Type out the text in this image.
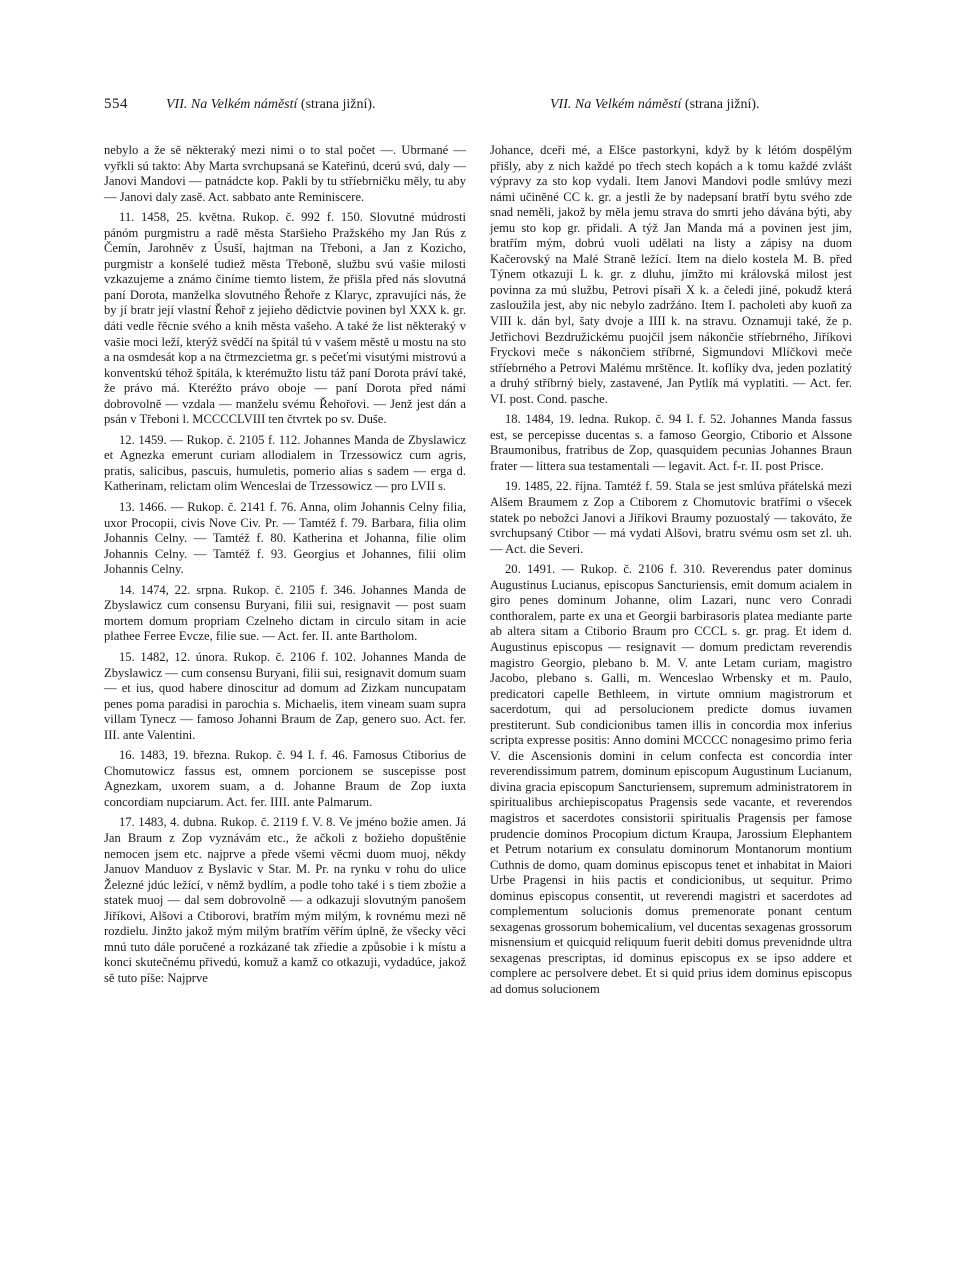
554	VII. Na Velkém náměstí (strana jižní).	VII. Na Velkém náměstí (strana jižní).

nebylo a že sě některaký mezi nimi o to stal počet —. Ubrmané — vyřkli sú takto: Aby Marta svrchupsaná se Kateřinú, dcerú svú, daly — Janovi Mandovi — patnádcte kop. Pakli by tu stříebrničku měly, tu aby — Janovi daly zasě. Act. sabbato ante Reminiscere.

11. 1458, 25. května. Rukop. č. 992 f. 150. Slovutné múdrosti pánóm purgmistru a radě města Staršieho Pražského my Jan Rús z Čemín, Jarohněv z Úsuší, hajtman na Třeboni, a Jan z Kozicho, purgmistr a konšelé tudiež města Třeboně, službu svú vašie milosti vzkazujeme a známo činíme tiemto listem, že přišla před nás slovutná paní Dorota, manželka slovutného Řehoře z Klaryc, zpravujíci nás, že by jí bratr její vlastní Řehoř z jejieho dědictvie povinen byl XXX k. gr. dáti vedle řěcnie svého a knih města vašeho. A také že list některaký v vašie moci leží, kterýž svědčí na špitál tú v vašem městě u mostu na sto a na osmdesát kop a na čtrmezcietma gr. s pečeťmi visutými mistrovú a konventskú téhož špitála, k kterémužto listu táž paní Dorota práví také, že právo má. Kteréžto právo oboje — paní Dorota před námi dobrovolně — vzdala — manželu svému Řehořovi. — Jenž jest dán a psán v Třeboni l. MCCCCLVIII ten čtvrtek po sv. Duše.

12. 1459. — Rukop. č. 2105 f. 112. Johannes Manda de Zbyslawicz et Agnezka emerunt curiam allodialem in Trzessowicz cum agris, pratis, salicibus, pascuis, humuletis, pomerio alias s sadem — erga d. Katherinam, relictam olim Wenceslai de Trzessowicz — pro LVII s.

13. 1466. — Rukop. č. 2141 f. 76. Anna, olim Johannis Celny filia, uxor Procopii, civis Nove Civ. Pr. — Tamtéž f. 79. Barbara, filia olim Johannis Celny. — Tamtéž f. 80. Katherina et Johanna, filie olim Johannis Celny. — Tamtéž f. 93. Georgius et Johannes, filii olim Johannis Celny.

14. 1474, 22. srpna. Rukop. č. 2105 f. 346. Johannes Manda de Zbyslawicz cum consensu Buryani, filii sui, resignavit — post suam mortem domum propriam Czelneho dictam in circulo sitam in acie plathee Ferree Evcze, filie sue. — Act. fer. II. ante Bartholom.

15. 1482, 12. února. Rukop. č. 2106 f. 102. Johannes Manda de Zbyslawicz — cum consensu Buryani, filii sui, resignavit domum suam — et ius, quod habere dinoscitur ad domum ad Zizkam nuncupatam penes poma paradisi in parochia s. Michaelis, item vineam suam supra villam Tynecz — famoso Johanni Braum de Zap, genero suo. Act. fer. III. ante Valentini.

16. 1483, 19. března. Rukop. č. 94 I. f. 46. Famosus Ctiborius de Chomutowicz fassus est, omnem porcionem se suscepisse post Agnezkam, uxorem suam, a d. Johanne Braum de Zop iuxta concordiam nupciarum. Act. fer. IIII. ante Palmarum.

17. 1483, 4. dubna. Rukop. č. 2119 f. V. 8. Ve jméno božie amen. Já Jan Braum z Zop vyznávám etc., že ačkoli z božieho dopuštěnie nemocen jsem etc. najprve a přede všemi věcmi duom muoj, někdy Januov Manduov z Byslavic v Star. M. Pr. na rynku v rohu do ulice Železné jdúc ležící, v němž bydlím, a podle toho také i s tiem zbožie a statek muoj — dal sem dobrovolně — a odkazuji slovutným panošem Jiříkovi, Alšovi a Ctiborovi, bratřím mým milým, k rovnému mezi ně rozdielu. Jinžto jakož mým milým bratřím věřím úplně, že všecky věci mnú tuto dále poručené a rozkázané tak zřiedie a způsobie i k místu a konci skutečnému přivedú, komuž a kamž co otkazuji, vydadúce, jakož sě tuto píše: Najprve

Johance, dceři mé, a Elšce pastorkyni, když by k létóm dospělým přišly, aby z nich každé po třech stech kopách a k tomu každé zvlášt výpravy za sto kop vydali. Item Janovi Mandovi podle smlúvy mezi námi učiněné CC k. gr. a jestli že by nadepsaní bratří bytu svého zde snad neměli, jakož by měla jemu strava do smrti jeho dávána býti, aby jemu sto kop gr. přidali. A týž Jan Manda má a povinen jest jim, bratřím mým, dobrú vuoli udělati na listy a zápisy na duom Kačerovský na Malé Straně ležící. Item na dielo kostela M. B. před Týnem otkazuji L k. gr. z dluhu, jímžto mi královská milost jest povinna za mú službu, Petrovi písaři X k. a čeledi jiné, pokudž která zasloužila jest, aby nic nebylo zadržáno. Item I. pacholeti aby kuoň za VIII k. dán byl, šaty dvoje a IIII k. na stravu. Oznamuji také, že p. Jetřichovi Bezdružickému puojčil jsem nákončie stříebrného, Jiříkovi Fryckovi meče s nákončiem stříbrné, Sigmundovi Mlíčkovi meče stříebrného a Petrovi Malému mrštěnce. It. koflíky dva, jeden pozlatitý a druhý stříbrný biely, zastavené, Jan Pytlík má vyplatiti. — Act. fer. VI. post. Cond. pasche.

18. 1484, 19. ledna. Rukop. č. 94 I. f. 52. Johannes Manda fassus est, se percepisse ducentas s. a famoso Georgio, Ctiborio et Alssone Braumonibus, fratribus de Zop, quasquidem pecunias Johannes Braun frater — littera sua testamentali — legavit. Act. f-r. II. post Prisce.

19. 1485, 22. října. Tamtéž f. 59. Stala se jest smlúva přátelská mezi Alšem Braumem z Zop a Ctiborem z Chomutovic bratřími o všecek statek po nebožci Janovi a Jiříkovi Braumy pozuostalý — takováto, že svrchupsaný Ctibor — má vydati Alšovi, bratru svému osm set zl. uh. — Act. die Severi.

20. 1491. — Rukop. č. 2106 f. 310. Reverendus pater dominus Augustinus Lucianus, episcopus Sancturiensis, emit domum acialem in giro penes dominum Johanne, olim Lazari, nunc vero Conradi conthoralem, parte ex una et Georgii barbirasoris platea mediante parte ab altera sitam a Ctiborio Braum pro CCCL s. gr. prag. Et idem d. Augustinus episcopus — resignavit — domum predictam reverendis magistro Georgio, plebano b. M. V. ante Letam curiam, magistro Jacobo, plebano s. Galli, m. Wenceslao Wrbensky et m. Paulo, predicatori capelle Bethleem, in virtute omnium magistrorum et sacerdotum, qui ad persolucionem predicte domus iuvamen prestiterunt. Sub condicionibus tamen illis in concordia mox inferius scripta expresse positis: Anno domini MCCCC nonagesimo primo feria V. die Ascensionis domini in celum confecta est concordia inter reverendissimum patrem, dominum episcopum Augustinum Lucianum, divina gracia episcopum Sancturiensem, supremum administratorem in spiritualibus archiepiscopatus Pragensis sede vacante, et reverendos magistros et sacerdotes consistorii spiritualis Pragensis per famose prudencie dominos Procopium dictum Kraupa, Jarossium Elephantem et Petrum notarium ex consulatu dominorum Montanorum montium Cuthnis de domo, quam dominus episcopus tenet et inhabitat in Maiori Urbe Pragensi in hiis pactis et condicionibus, ut sequitur. Primo dominus episcopus consentit, ut reverendi magistri et sacerdotes ad complementum solucionis domus premenorate ponant centum sexagenas grossorum bohemicalium, vel ducentas sexagenas grossorum misnensium et quicquid reliquum fuerit debiti domus prevenidnde ultra sexagenas prescriptas, id dominus episcopus ex se ipso addere et complere ac persolvere debet. Et si quid prius idem dominus episcopus ad domus solucionem
